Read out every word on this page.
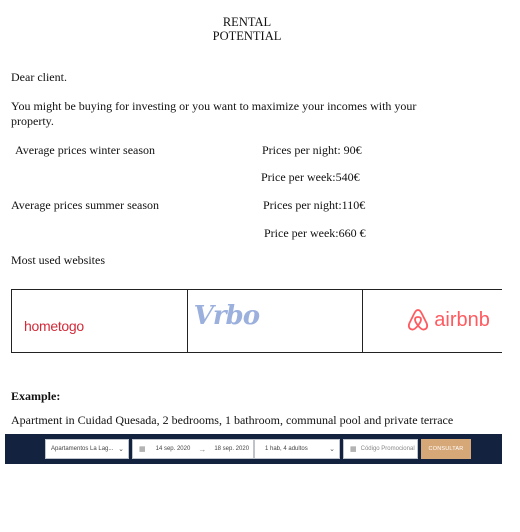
RENTAL
POTENTIAL
Dear client.
You might be buying for investing or you want to maximize your incomes with your property.
Average prices winter season	Prices per night: 90€
Price per week:540€
Average prices summer season	Prices per night:110€
Price per week:660 €
Most used websites
hometogo	Vrbo	airbnb
Example:
Apartment in Cuidad Quesada, 2 bedrooms, 1 bathroom, communal pool and private terrace
Apartamentos La Lag... ⌄ ▦ 14 sep. 2020 → 18 sep. 2020	1 hab, 4 adultos	⌄ ▦ Código Promocional	CONSULTAR
